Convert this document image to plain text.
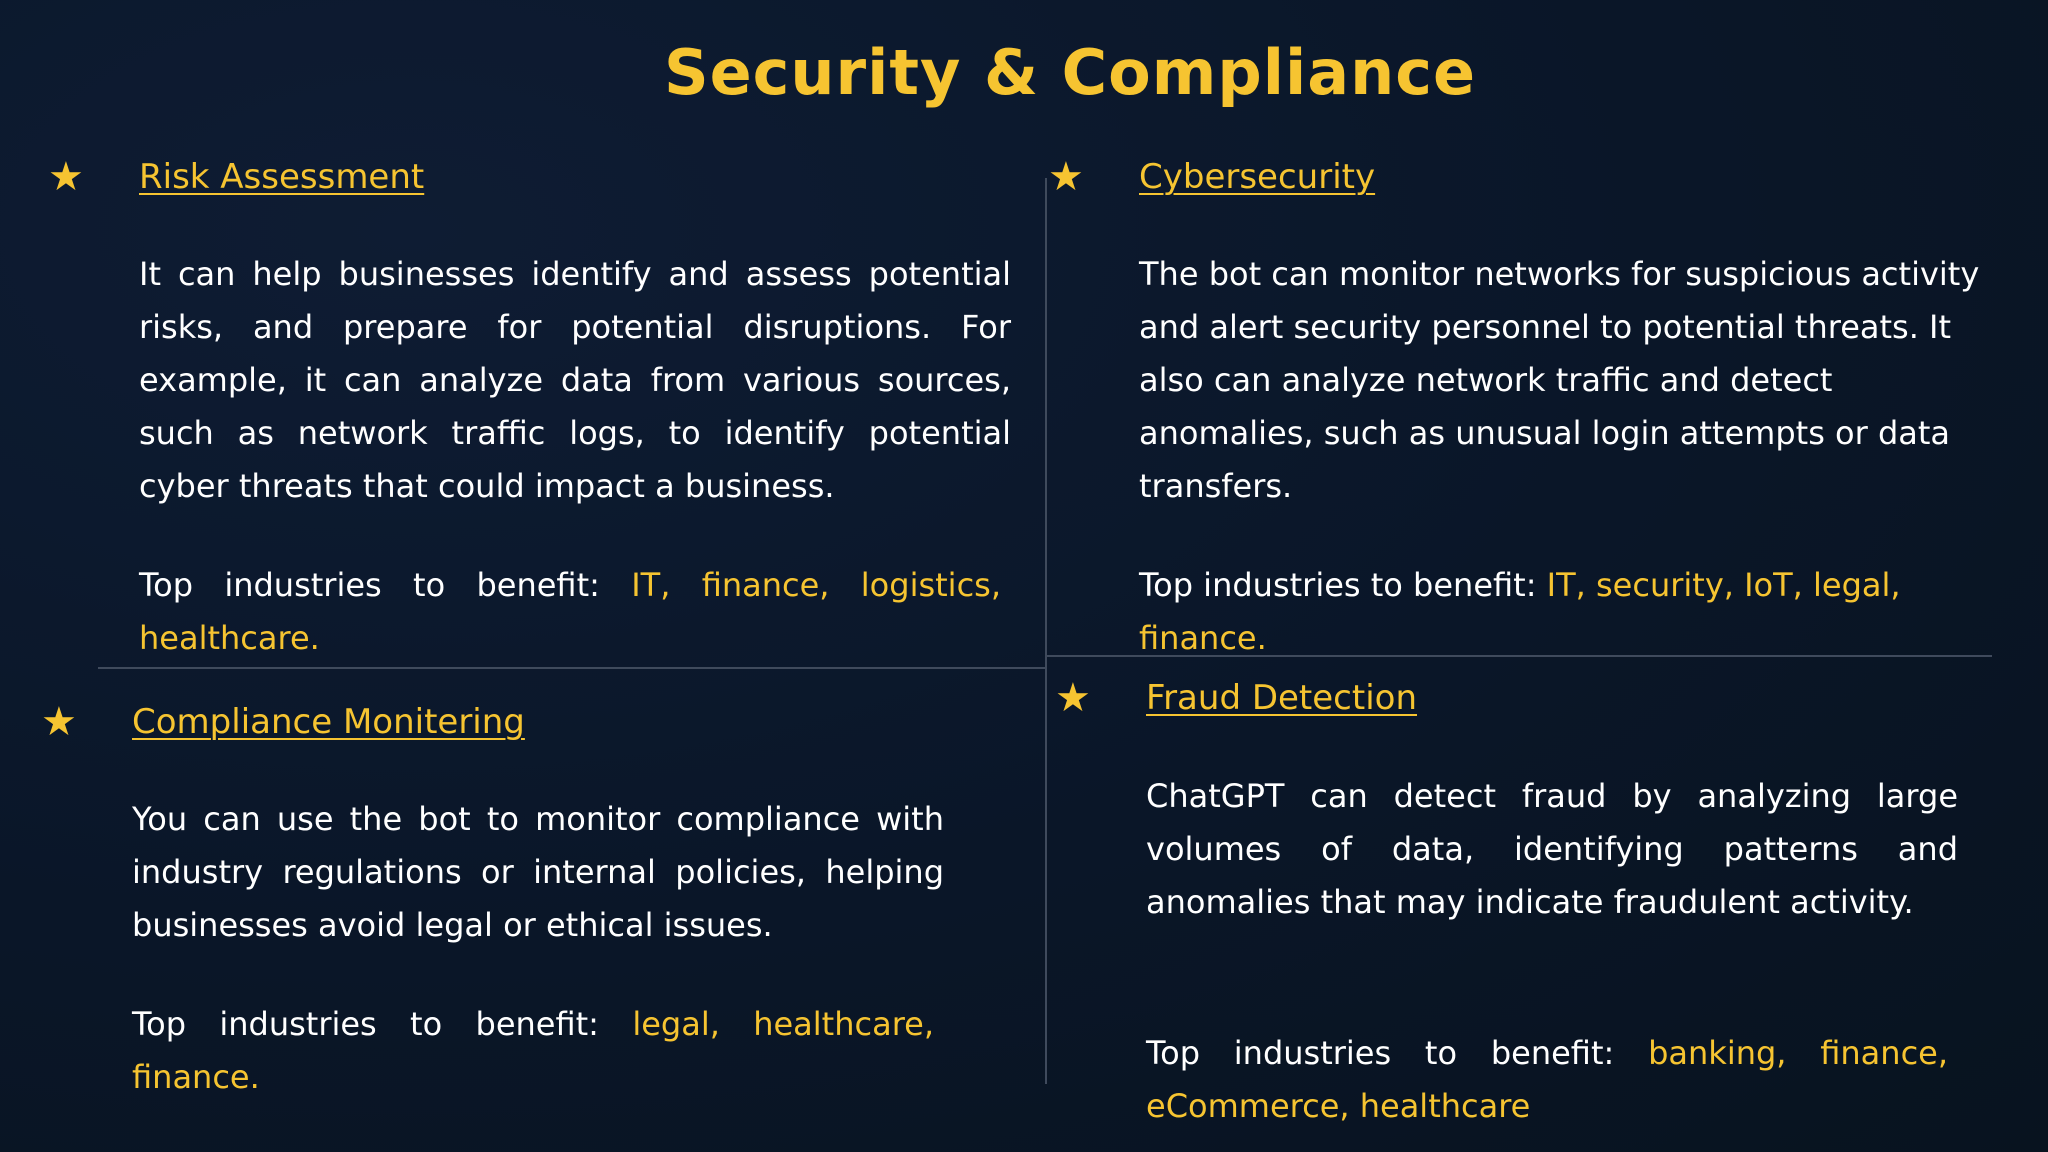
Security & Compliance
★ Risk Assessment

It can help businesses identify and assess potential risks, and prepare for potential disruptions. For example, it can analyze data from various sources, such as network traffic logs, to identify potential cyber threats that could impact a business.

Top industries to benefit: IT, finance, logistics, healthcare.

★ Cybersecurity

The bot can monitor networks for suspicious activity and alert security personnel to potential threats. It also can analyze network traffic and detect anomalies, such as unusual login attempts or data transfers.

Top industries to benefit: IT, security, IoT, legal, finance.

★ Compliance Monitering

You can use the bot to monitor compliance with industry regulations or internal policies, helping businesses avoid legal or ethical issues.

Top industries to benefit: legal, healthcare, finance.

★ Fraud Detection

ChatGPT can detect fraud by analyzing large volumes of data, identifying patterns and anomalies that may indicate fraudulent activity.

Top industries to benefit: banking, finance, eCommerce, healthcare
